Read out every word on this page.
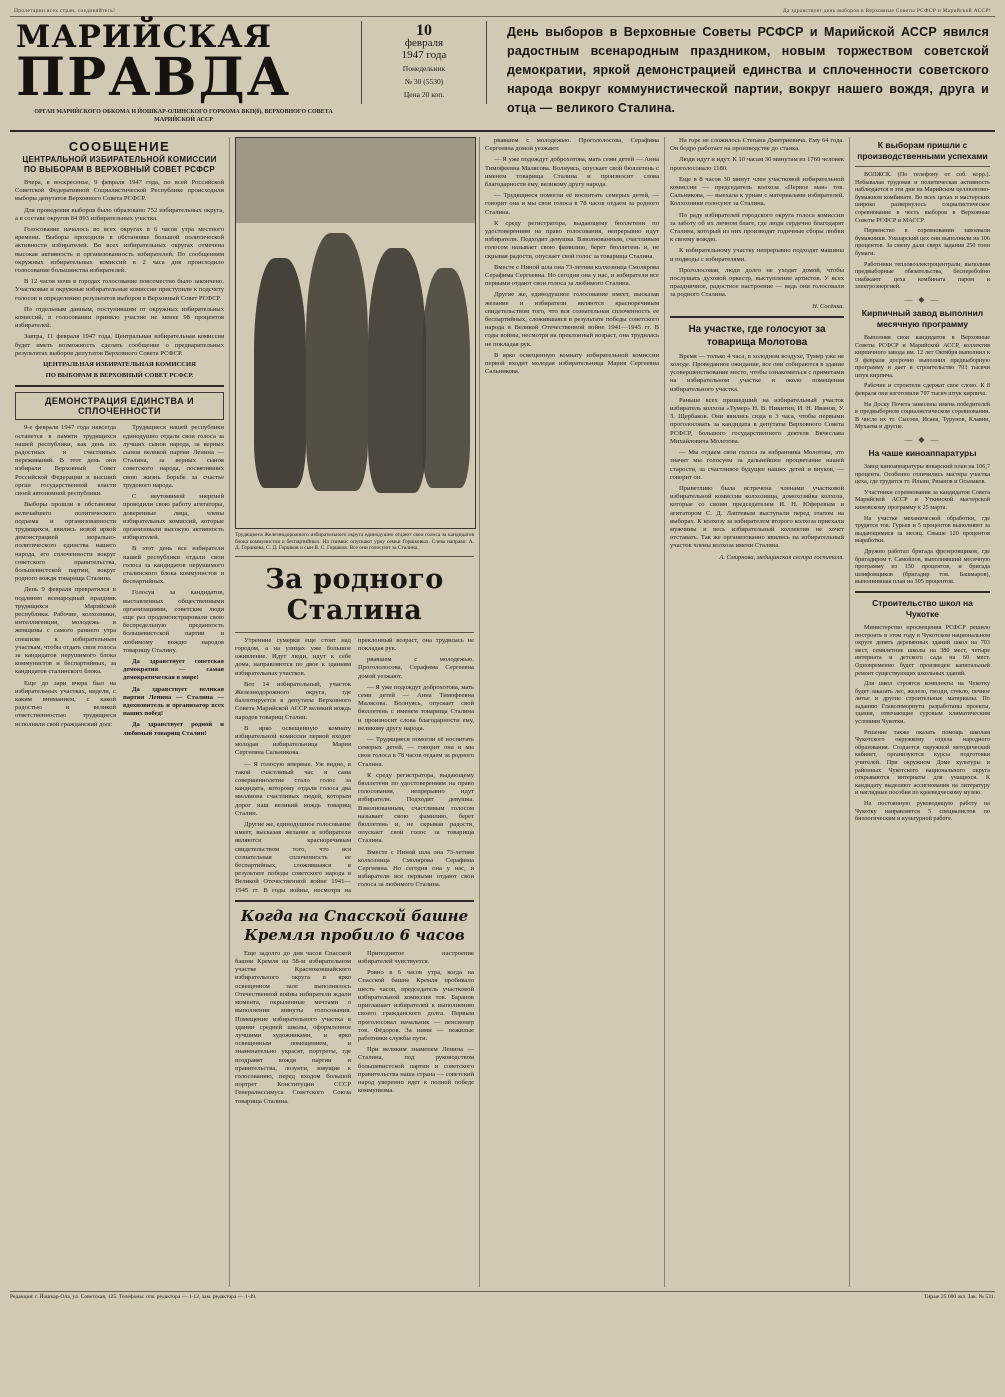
Пролетарии всех стран, соединяйтесь!	Да здравствует день выборов в Верховные Советы РСФСР и Марийской АССР!
МАРИЙСКАЯ
ПРАВДА
ОРГАН МАРИЙСКОГО ОБКОМА И ЙОШКАР-ОЛИНСКОГО ГОРКОМА ВКП(б), ВЕРХОВНОГО СОВЕТА МАРИЙСКОЙ АССР
10
февраля
1947 года
Понедельник
№ 30 (5530)
Цена 20 коп.
День выборов в Верховные Советы РСФСР и Марийской АССР явился радостным всенародным праздником, новым торжеством советской демократии, яркой демонстрацией единства и сплоченности советского народа вокруг коммунистической партии, вокруг нашего вождя, друга и отца — великого Сталина.
СООБЩЕНИЕ
ЦЕНТРАЛЬНОЙ ИЗБИРАТЕЛЬНОЙ КОМИССИИ ПО ВЫБОРАМ В ВЕРХОВНЫЙ СОВЕТ РСФСР

Вчера, в воскресенье, 9 февраля 1947 года, по всей Российской Советской Федеративной Социалистической Республике происходили выборы депутатов Верховного Совета РСФСР.

Для проведения выборов было образовано 752 избирательных округа, а в составе округов 84 893 избирательных участка.

Голосование началось во всех округах в 6 часов утра местного времени. Выборы проходили в обстановке большой политической активности избирателей. Во всех избирательных округах отмечена высокая активность и организованность избирателей. По сообщениям окружных избирательных комиссий в 2 часа дня происходило голосование большинства избирателей.

В 12 часов ночи в городах голосование повсеместно было закончено. Участковые и окружные избирательные комиссии приступили к подсчету голосов и определению результатов выборов в Верховный Совет РСФСР.

По отдельным данным, поступившим от окружных избирательных комиссий, в голосовании приняло участие не менее 98 процентов избирателей.

Завтра, 11 февраля 1947 года, Центральная избирательная комиссия будет иметь возможность сделать сообщение о предварительных результатах выборов депутатов Верховного Совета РСФСР.

ЦЕНТРАЛЬНАЯ ИЗБИРАТЕЛЬНАЯ КОМИССИЯ

ПО ВЫБОРАМ В ВЕРХОВНЫЙ СОВЕТ РСФСР.

ДЕМОНСТРАЦИЯ ЕДИНСТВА И СПЛОЧЕННОСТИ

9-е февраля 1947 года навсегда останется в памяти трудящихся нашей республики, как день их радостных и счастливых переживаний. В этот день они избирали Верховный Совет Российской Федерации и высший орган государственной власти своей автономной республики.

Выборы прошли в обстановке величайшего политического подъема и организованности трудящихся, явились новой яркой демонстрацией морально-политического единства нашего народа, его сплоченности вокруг советского правительства, большевистской партии, вокруг родного вождя товарища Сталина.

День 9 февраля превратился в подлинно всенародный праздник трудящихся Марийской республики. Рабочие, колхозники, интеллигенция, молодежь и женщины с самого раннего утра спешили к избирательным участкам, чтобы отдать свои голоса за кандидатов нерушимого блока коммунистов и беспартийных, за кандидатов сталинского блока.

Еще до зари вчера был на избирательных участках, видели, с каким вниманием, с какой радостью и великой ответственностью трудящиеся исполняли свой гражданский долг.

Трудящиеся нашей республики единодушно отдали свои голоса за лучших сынов народа, за верных сынов великой партии Ленина — Сталина, за верных сынов советского народа, посвятивших свою жизнь борьбе за счастье трудового народа.

С неутомимой энергией проводили свою работу агитаторы, доверенные лица, члены избирательных комиссий, которые организовали высокую активность избирателей.

В этот день все избиратели нашей республики отдали свои голоса за кандидатов нерушимого сталинского блока коммунистов и беспартийных.

Голосуя за кандидатов, выставленных общественными организациями, советские люди еще раз продемонстрировали свою беспредельную преданность большевистской партии и любимому вождю народов товарищу Сталину.

Да здравствует советская демократия — самая демократическая в мире!

Да здравствует великая партия Ленина — Сталина — вдохновитель и организатор всех наших побед!

Да здравствует родной и любимый товарищ Сталин!

Трудящиеся Железнодорожного избирательного округа единодушно отдают свои голоса за кандидатов блока коммунистов и беспартийных. На снимке: опускают урну семьи Горшковых. Слева направо: А. Д. Горшкова, С. Д. Горшков и сын В. С. Горшков. Все они голосуют за Сталина.
За родного Сталина

Утренние сумерки еще стоят над городом, а на улицах уже большое оживление. Идут люди, идут к себе дома, направляются по двое к зданиям избирательных участков.

Вот 14 избирательный, участок Железнодорожного округа, где баллотируется в депутаты Верховного Совета Марийской АССР великий вождь народов товарищ Сталин.

В ярко освещенную комнату избирательной комиссии первой входит молодая избирательница Мария Сергеевна Сальникова.

— Я голосую впервые. Уж видно, в такой счастливый час и сама совершеннолетие стало голос за кандидата, которому отдали голоса два миллиона счастливых людей, которым дорог наш великий вождь товарищ Сталин.

Другие же, единодушное голосование имеет, высказав желание и избиратели являются красноречивым свидетельством того, что вся сознательная сплоченность ее беспартийных, сложившаяся в результате победы советского народа в Великой Отечественной войне 1941—1945 гг. В годы войны, несмотря на преклонный возраст, она трудилась не покладая рук.

рвавшем с молодежью. Прогололосова, Серафима Сергеевна домой уезжают.

— Я уже подождут доброхотова, мать семи детей — Анна Тимофеевна Малясова. Волнуясь, опускает свой бюллетень с именем товарища Сталина и произносит слова благодарности ему, великому другу народа.

— Трудящиеся помогли её воспитать семерых детей, — говорит она и мы свои голоса в 78 часов отдаем за родного Сталина.

К среду регистратора, выдающему бюллетени по удостоверениям на право голосования, непрерывно идут избиратели. Подходит девушка. Взволнованным, счастливым голосом называет свою фамилию, берет бюллетень и, не скрывая радости, опускает свой голос за товарища Сталина.

Вместе с Ниной шла она 73-летняя колхозница Смолярова Серафима Сергеевна. Но сегодня она у нас, и избиратели все первыми отдают свои голоса за любимого Сталина.

Когда на Спасской башне Кремля пробило 6 часов

Еще задолго до дня часов Спасской башни Кремля на 58-м избирательном участке Краснококшайского избирательного округа в ярко освещенном зале выполнялось Отечественной войны избиратели ждали момента, окрыленные мечтами о выполнении минуты голосования. Помещение избирательного участка в здании средней школы, оформленное лучшими художниками, и ярко освещенным помещением, и знаменательно украсят, портреты, где поздравят вождя партии и правительства, лозунги, зовущие к голосованию, перед входом большой портрет Конституции СССР Генералиссимуса Советского Союза товарища Сталина.

Приподнятое настроение избирателей чувствуется.

Ровно в 6 часов утра, когда на Спасской башне Кремля пробивало шесть часов, председатель участковой избирательной комиссии тов. Баранов приглашает избирателей к выполнению своего гражданского долга. Первым проголосовал начальник — пенсионер тов. Фёдоров. За ними — пожилые работники службы пути.

При великим знаменем Ленина — Сталина, под руководством большевистской партии и советского правительства наша страна — советский народ уверенно идет к полной победе коммунизма.

рвавшем с молодежью. Прогололосова, Серафима Сергеевна домой уезжают.

— Я уже подождут доброхотова, мать семи детей — Анна Тимофеевна Малясова. Волнуясь, опускает свой бюллетень с именем товарища Сталина и произносит слова благодарности ему, великому другу народа.

— Трудящиеся помогли её воспитать семерых детей, — говорит она и мы свои голоса в 78 часов отдаем за родного Сталина.

К среду регистратора, выдающему бюллетени по удостоверениям на право голосования, непрерывно идут избиратели. Подходит девушка. Взволнованным, счастливым голосом называет свою фамилию, берет бюллетень и, не скрывая радости, опускает свой голос за товарища Сталина.

Вместе с Ниной шла она 73-летняя колхозница Смолярова Серафима Сергеевна. Но сегодня она у нас, и избиратели все первыми отдают свои голоса за любимого Сталина.

Другие же, единодушное голосование имеет, высказав желание и избиратели являются красноречивым свидетельством того, что вся сознательная сплоченность ее беспартийных, сложившаяся в результате победы советского народа в Великой Отечественной войне 1941—1945 гг. В годы войны, несмотря на преклонный возраст, она трудилась не покладая рук.

В ярко освещенную комнату избирательной комиссии первой входит молодая избирательница Мария Сергеевна Сальникова.

На горе не сложилось Степана Дмитриевича. Ему 64 года. Он бодро работает на производстве до станка.

Люди идут и идут. К 10 часам 30 минутам из 1760 человек проголосовало 1180.

Еще в 8 часов 30 минут член участковой избирательной комиссии — председатель колхоза «Первое мая» тов. Сальникова, — выехала к урнам с материалами избирателей. Колхозники голосуют за Сталина.

По раду избирателей городского округа голоса комиссии за заботу об их личном благе, где люди сердечно благодарят Сталина, который из них производят годичные сборы любви к своему вождю.

К избирательному участку непрерывно подходят машины и подводы с избирателями.

Проголосовав, люди долго не уходят домой, чтобы послушать духовой оркестр, выступление артистов. У всех праздничное, радостное настроение — ведь они голосовали за родного Сталина.

Н. Сосёнка.

На участке, где голосуют за товарища Молотова

Время — только 4 часа, в холодном воздухе, Тумер уже не холоде. Проведанное ожидание, все они собираются в здание усовершенствование место, чтобы ознакомиться с приметами на избирательном участке и около помещения избирательного участка.

Раньше всех пришедший на избирательный участок избиратель колхоза «Тумер» Н. В. Никитин, И. Н. Иванов, У. З. Щербаков. Они явились сюда в 3 часа, чтобы первыми проголосовать за кандидата в депутаты Верховного Совета РСФСР, большого государственного деятеля Вячеслава Михайловича Молотова.

— Мы отдаем свои голоса за избранника Молотова, это значит мы голосуем за дальнейшее процветание нашей старости, за счастливое будущее наших детей и внуков, — говорит он.

Приветливо была встречена членами участковой избирательной комиссии колхозница, домохозяйка колхоза, которые со своим председателем И. Н. Юферевым и агитатором С. Д. Лаптевым выступали перед этапом на выборах. К колхозу за избирателем второго колхоза приехали мужчины и весь избирательный коллектив не хочет отставать. Так же организованно явились на избирательный участок члены колхоза имени Сталина.

А. Смирнова, медицинская сестра госпиталя.

К выборам пришли с производственными успехами

ВОЛЖСК. (По телефону от соб. корр.). Небывалая трудовая и политическая активность наблюдается в эти дни на Марийском целлюлозно-бумажном комбинате. Во всех цехах и мастерских широко развернулось социалистическое соревнование в честь выборов в Верховные Советы РСФСР и МАССР.

Первенство в соревновании завоевали бумажники. Уназарский цех они выполнили на 106 процентов. За смену дали сверх задания 250 тонн бумаги.

Работники тепловоэлектроцентрали, выполняя предвыборные обязательства, бесперебойно снабжают цеха комбината паром и электроэнергией.

— ◆ —
Кирпичный завод выполнил месячную программу

Выполняя свои кандидатов в Верховные Советы РСФСР и Марийской АССР, коллектив кирпичного завода им. 12 лет Октября выполнил к 9 февраля досрочно выполнил предвыборную программу и дает в строительство 703 тысячи штук кирпича.

Рабочие и строители сдержат свое слово. К 8 февраля они изготовили 707 тысяч штук кирпича.

На Доску Почета занесены имена победителей в предвыборном социалистическом соревновании. В числе их тт. Сысоев, Исаев, Турунов, Клавин, Мухаева и другие.

— ◆ —
На чаше киноаппаратуры

Завод киноаппаратуры январский план на 106,7 процента. Особенно отличились мастера участка цеха, где трудятся тт. Ильин, Рязанов и Осьмаков.

Участники соревнования за кандидатов Совета Марийской АССР и Уткинской мастерской киновскому программу к 25 марта.

На участке механической обработки, где трудятся тов. Гурьев и 5 процентов выполняют за выдающимися за месяц. Свыше 120 процентов выработки.

Дружно работал бригада фрезеровщиков, где бригадиром т. Самойлов, выполнявший месячную программу из 150 процентов, и бригада шлифовщиков (бригадир тов. Башмаров), выполнившая план на 305 процентов.

Строительство школ на Чукотке

Министерство просвещения РСФСР решило построить в этом году в Чукотском национальном округе девять деревянных зданий школ на 703 мест, семилетние школы на 380 мест, четыре интерната и детского сада на 60 мест. Одновременно будет произведен капитальный ремонт существующих школьных зданий.

Для школ строятся комплекты на Чукотку будет заказать лес, железо, гвозди, стекло, печное литье и другие строительные материалы. По заданию Главсевморпути разработаны проекты, здания, отвечающие суровым климатическим условиям Чукотки.

Решение также оказать помощь школам Чукотского окружкому отдела народного образования. Создается окружной методический кабинет, организуются курсы подготовки учителей. При окружном Доме культуры и районных Чукотского национального округа открываются интернаты для учащихся. К кандидату выделяют ассигнования на литературу и наглядные пособия по краеведческому музею.

На постоянную руководящую работу на Чукотку направляется 5 специалистов по биологическим и культурной работе.

Редакция: г. Йошкар-Ола, ул. Советская, 125. Телефоны: отв. редактора — 1-12, зам. редактора — 1-49.	Тираж 25 000 экз. Зак. № 531.
